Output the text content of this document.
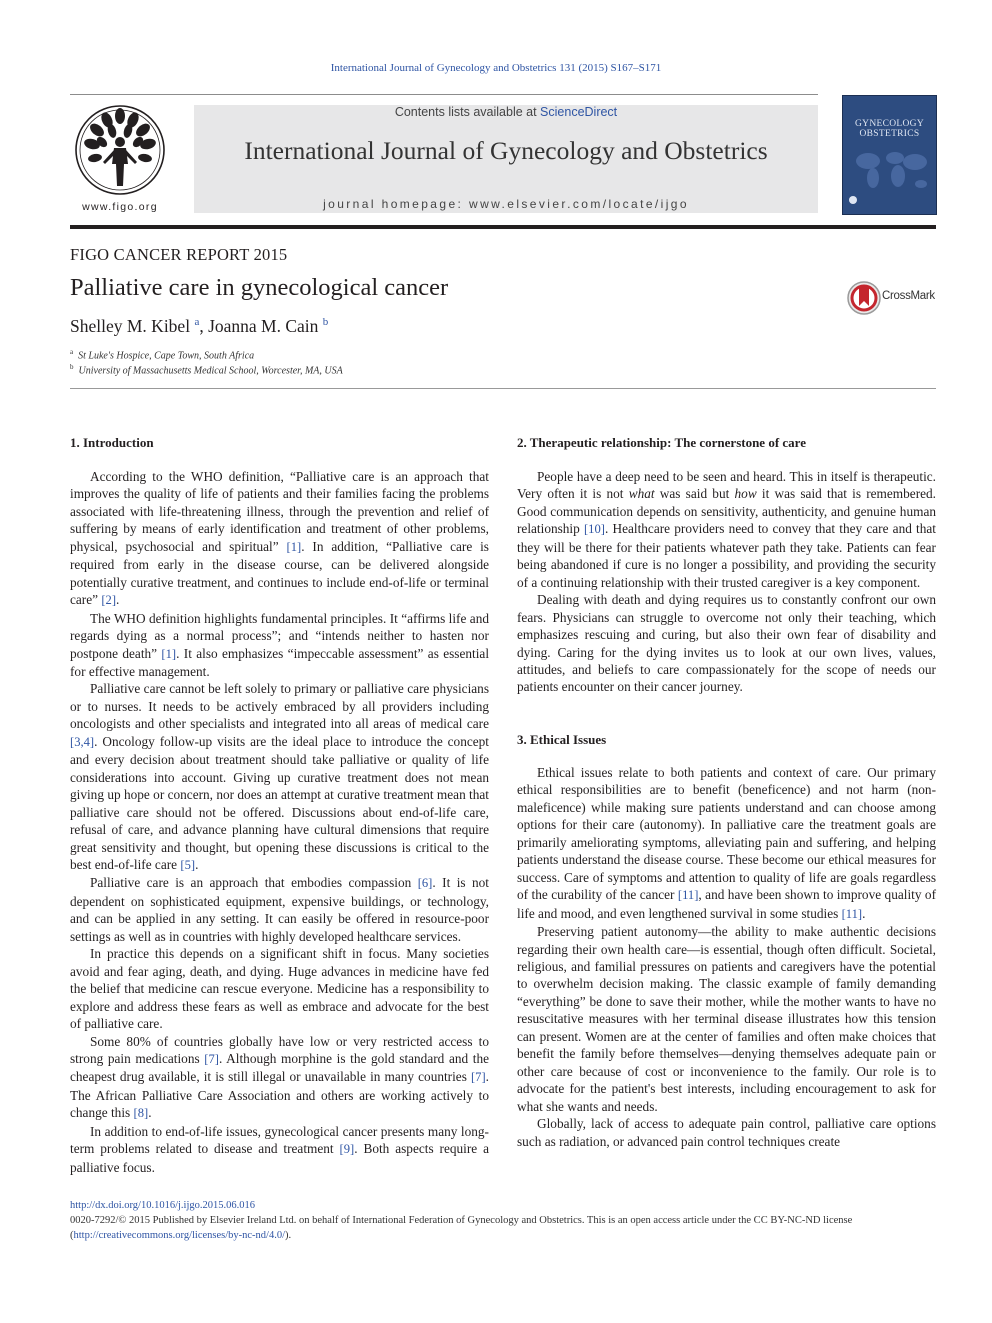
International Journal of Gynecology and Obstetrics 131 (2015) S167–S171
www.figo.org
Contents lists available at ScienceDirect
International Journal of Gynecology and Obstetrics
journal homepage: www.elsevier.com/locate/ijgo
GYNECOLOGY
OBSTETRICS
FIGO CANCER REPORT 2015
Palliative care in gynecological cancer	CrossMark
Shelley M. Kibel $^a$, Joanna M. Cain $^b$
$^a$ St Luke's Hospice, Cape Town, South Africa
$^b$ University of Massachusetts Medical School, Worcester, MA, USA
1. Introduction

According to the WHO definition, “Palliative care is an approach that improves the quality of life of patients and their families facing the problems associated with life-threatening illness, through the prevention and relief of suffering by means of early identification and treatment of other problems, physical, psychosocial and spiritual” [1]. In addition, “Palliative care is required from early in the disease course, can be delivered alongside potentially curative treatment, and continues to include end-of-life or terminal care” [2].

The WHO definition highlights fundamental principles. It “affirms life and regards dying as a normal process”; and “intends neither to hasten nor postpone death” [1]. It also emphasizes “impeccable assessment” as essential for effective management.

Palliative care cannot be left solely to primary or palliative care physicians or to nurses. It needs to be actively embraced by all providers including oncologists and other specialists and integrated into all areas of medical care [3,4]. Oncology follow-up visits are the ideal place to introduce the concept and every decision about treatment should take palliative or quality of life considerations into account. Giving up curative treatment does not mean giving up hope or concern, nor does an attempt at curative treatment mean that palliative care should not be offered. Discussions about end-of-life care, refusal of care, and advance planning have cultural dimensions that require great sensitivity and thought, but opening these discussions is critical to the best end-of-life care [5].

Palliative care is an approach that embodies compassion [6]. It is not dependent on sophisticated equipment, expensive buildings, or technology, and can be applied in any setting. It can easily be offered in resource-poor settings as well as in countries with highly developed healthcare services.

In practice this depends on a significant shift in focus. Many societies avoid and fear aging, death, and dying. Huge advances in medicine have fed the belief that medicine can rescue everyone. Medicine has a responsibility to explore and address these fears as well as embrace and advocate for the best of palliative care.

Some 80% of countries globally have low or very restricted access to strong pain medications [7]. Although morphine is the gold standard and the cheapest drug available, it is still illegal or unavailable in many countries [7]. The African Palliative Care Association and others are working actively to change this [8].

In addition to end-of-life issues, gynecological cancer presents many long-term problems related to disease and treatment [9]. Both aspects require a palliative focus.

2. Therapeutic relationship: The cornerstone of care

People have a deep need to be seen and heard. This in itself is therapeutic. Very often it is not what was said but how it was said that is remembered. Good communication depends on sensitivity, authenticity, and genuine human relationship [10]. Healthcare providers need to convey that they care and that they will be there for their patients whatever path they take. Patients can fear being abandoned if cure is no longer a possibility, and providing the security of a continuing relationship with their trusted caregiver is a key component.

Dealing with death and dying requires us to constantly confront our own fears. Physicians can struggle to overcome not only their teaching, which emphasizes rescuing and curing, but also their own fear of disability and dying. Caring for the dying invites us to look at our own lives, values, attitudes, and beliefs to care compassionately for the scope of needs our patients encounter on their cancer journey.

3. Ethical Issues

Ethical issues relate to both patients and context of care. Our primary ethical responsibilities are to benefit (beneficence) and not harm (non-maleficence) while making sure patients understand and can choose among options for their care (autonomy). In palliative care the treatment goals are primarily ameliorating symptoms, alleviating pain and suffering, and helping patients understand the disease course. These become our ethical measures for success. Care of symptoms and attention to quality of life are goals regardless of the curability of the cancer [11], and have been shown to improve quality of life and mood, and even lengthened survival in some studies [11].

Preserving patient autonomy—the ability to make authentic decisions regarding their own health care—is essential, though often difficult. Societal, religious, and familial pressures on patients and caregivers have the potential to overwhelm decision making. The classic example of family demanding “everything” be done to save their mother, while the mother wants to have no resuscitative measures with her terminal disease illustrates how this tension can present. Women are at the center of families and often make choices that benefit the family before themselves—denying themselves adequate pain or other care because of cost or inconvenience to the family. Our role is to advocate for the patient's best interests, including encouragement to ask for what she wants and needs.

Globally, lack of access to adequate pain control, palliative care options such as radiation, or advanced pain control techniques create

http://dx.doi.org/10.1016/j.ijgo.2015.06.016
0020-7292/© 2015 Published by Elsevier Ireland Ltd. on behalf of International Federation of Gynecology and Obstetrics. This is an open access article under the CC BY-NC-ND license
(http://creativecommons.org/licenses/by-nc-nd/4.0/).
